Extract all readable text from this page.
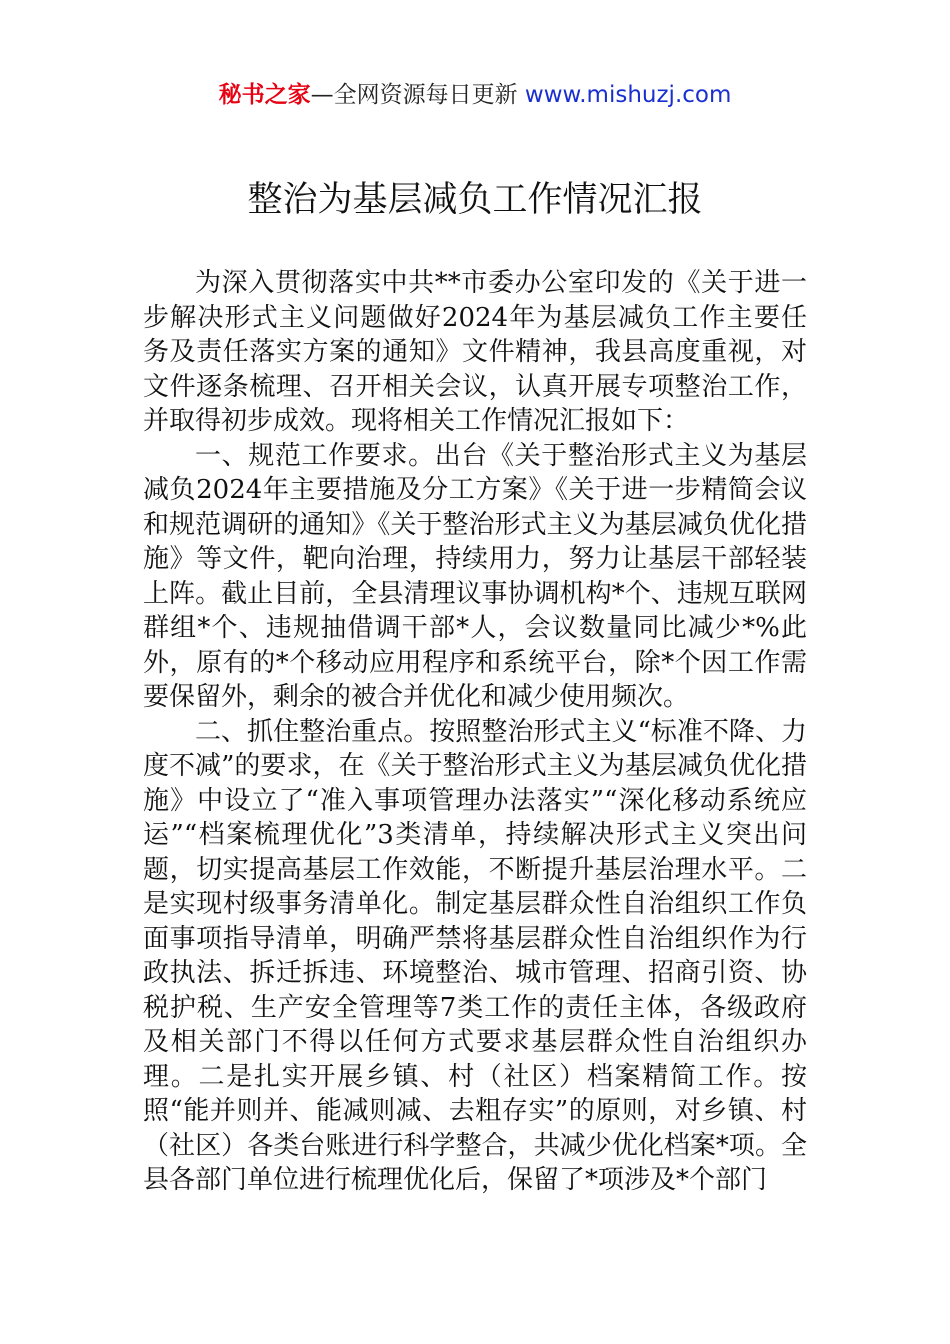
秘书之家—全网资源每日更新 www.mishuzj.com
整治为基层减负工作情况汇报

为深入贯彻落实中共**市委办公室印发的《关于进一步解决形式主义问题做好2024年为基层减负工作主要任务及责任落实方案的通知》文件精神，我县高度重视，对文件逐条梳理、召开相关会议，认真开展专项整治工作，并取得初步成效。现将相关工作情况汇报如下：

一、规范工作要求。出台《关于整治形式主义为基层减负2024年主要措施及分工方案》《关于进一步精简会议和规范调研的通知》《关于整治形式主义为基层减负优化措施》等文件，靶向治理，持续用力，努力让基层干部轻装上阵。截止目前，全县清理议事协调机构*个、违规互联网群组*个、违规抽借调干部*人，会议数量同比减少*%此外，原有的*个移动应用程序和系统平台，除*个因工作需要保留外，剩余的被合并优化和减少使用频次。

二、抓住整治重点。按照整治形式主义“标准不降、力度不减”的要求，在《关于整治形式主义为基层减负优化措施》中设立了“准入事项管理办法落实”“深化移动系统应运”“档案梳理优化”3类清单，持续解决形式主义突出问题，切实提高基层工作效能，不断提升基层治理水平。二是实现村级事务清单化。制定基层群众性自治组织工作负面事项指导清单，明确严禁将基层群众性自治组织作为行政执法、拆迁拆违、环境整治、城市管理、招商引资、协税护税、生产安全管理等7类工作的责任主体，各级政府及相关部门不得以任何方式要求基层群众性自治组织办理。二是扎实开展乡镇、村（社区）档案精简工作。按照“能并则并、能减则减、去粗存实”的原则，对乡镇、村（社区）各类台账进行科学整合，共减少优化档案*项。全县各部门单位进行梳理优化后，保留了*项涉及*个部门
